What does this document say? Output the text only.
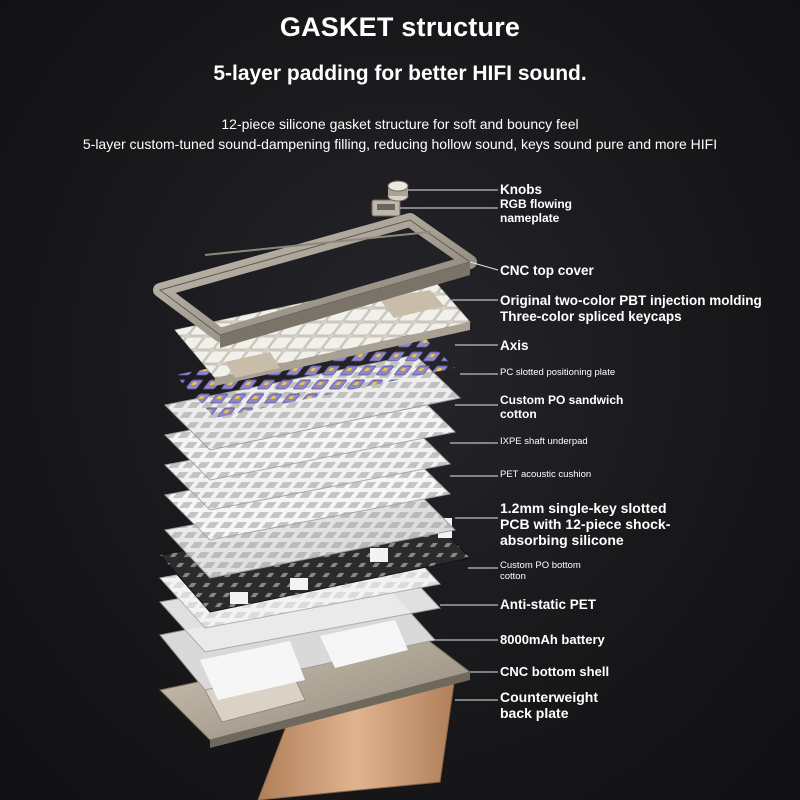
GASKET structure
5-layer padding for better HIFI sound.
12-piece silicone gasket structure for soft and bouncy feel
5-layer custom-tuned sound-dampening filling, reducing hollow sound, keys sound pure and more HIFI
Knobs
RGB flowing
nameplate
CNC top cover
Original two-color PBT injection molding
Three-color spliced keycaps
Axis
PC slotted positioning plate
Custom PO sandwich
cotton
IXPE shaft underpad
PET acoustic cushion
1.2mm single-key slotted
PCB with 12-piece shock-
absorbing silicone
Custom PO bottom
cotton
Anti-static PET
8000mAh battery
CNC bottom shell
Counterweight
back plate
